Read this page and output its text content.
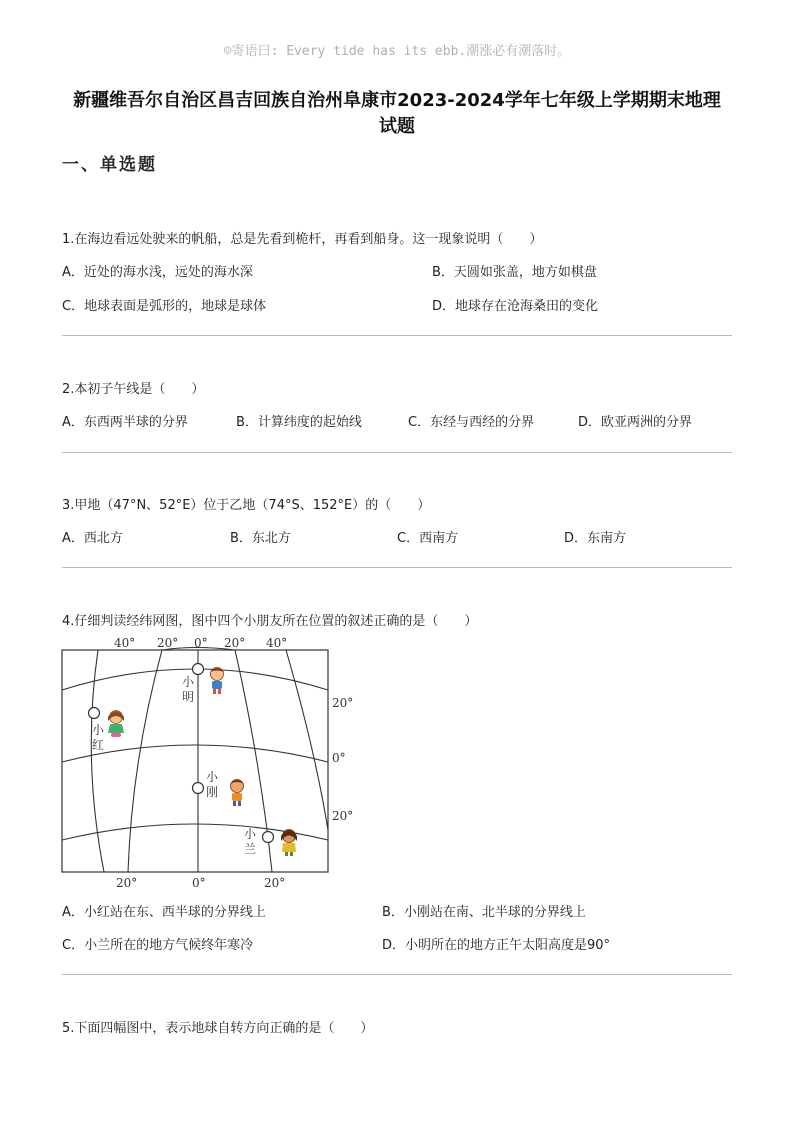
☺寄语曰: Every tide has its ebb.潮涨必有潮落时。
新疆维吾尔自治区昌吉回族自治州阜康市2023-2024学年七年级上学期期末地理
试题
一、单选题
1.在海边看远处驶来的帆船，总是先看到桅杆，再看到船身。这一现象说明（　　）
A．近处的海水浅，远处的海水深	B．天圆如张盖，地方如棋盘
C．地球表面是弧形的，地球是球体	D．地球存在沧海桑田的变化
2.本初子午线是（　　）
A．东西两半球的分界	B．计算纬度的起始线	C．东经与西经的分界	D．欧亚两洲的分界
3.甲地（47°N、52°E）位于乙地（74°S、152°E）的（　　）
A．西北方	B．东北方	C．西南方	D．东南方
4.仔细判读经纬网图，图中四个小朋友所在位置的叙述正确的是（　　）
40° 20° 0° 20° 40°
20°
0°
20°
20°	0°	20°
小
明
小
红
小
刚
小
兰
A．小红站在东、西半球的分界线上	B．小刚站在南、北半球的分界线上
C．小兰所在的地方气候终年寒冷	D．小明所在的地方正午太阳高度是90°
5.下面四幅图中，表示地球自转方向正确的是（　　）
